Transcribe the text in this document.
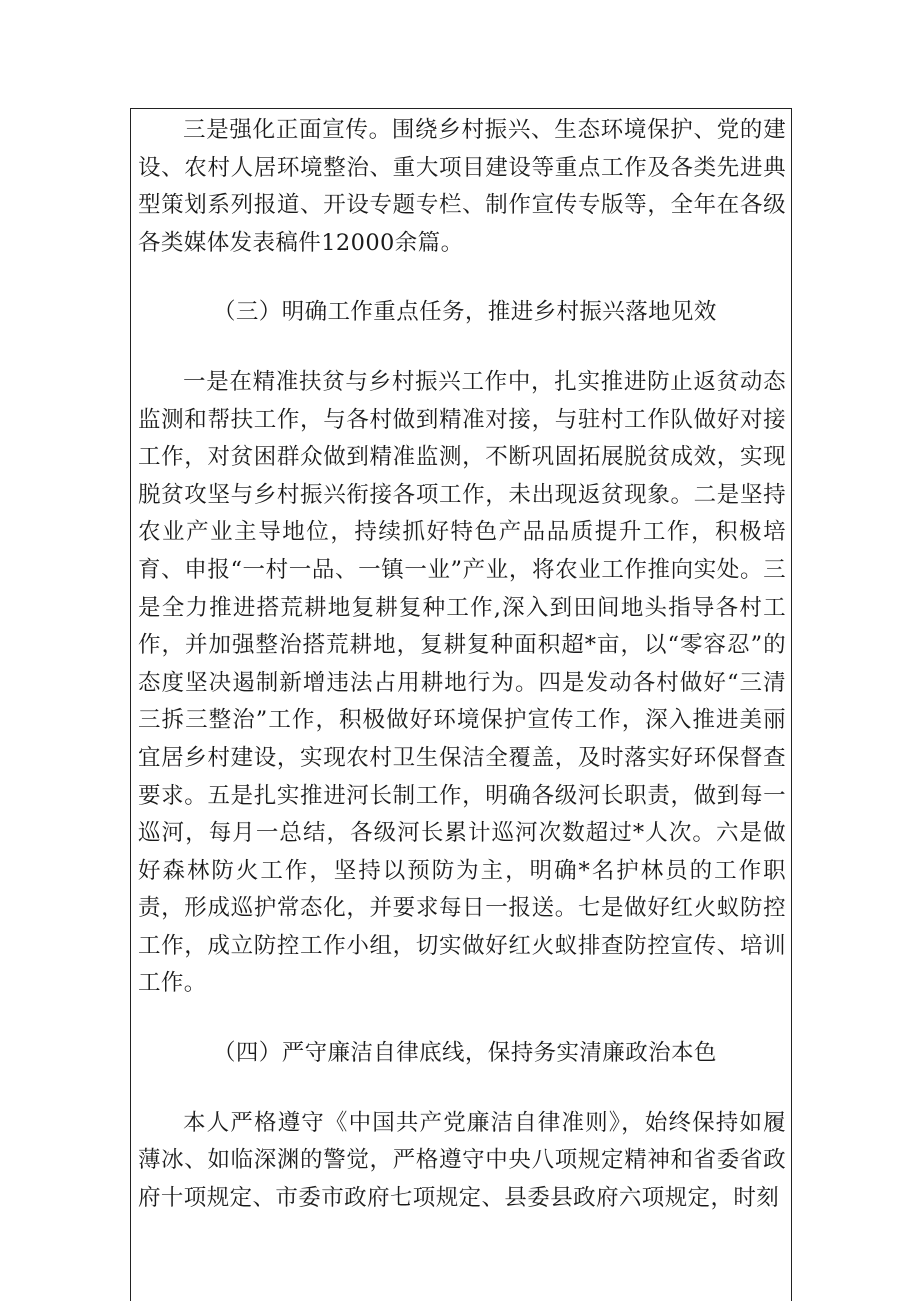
三是强化正面宣传。围绕乡村振兴、生态环境保护、党的建设、农村人居环境整治、重大项目建设等重点工作及各类先进典型策划系列报道、开设专题专栏、制作宣传专版等，全年在各级各类媒体发表稿件12000余篇。

（三）明确工作重点任务，推进乡村振兴落地见效

一是在精准扶贫与乡村振兴工作中，扎实推进防止返贫动态监测和帮扶工作，与各村做到精准对接，与驻村工作队做好对接工作，对贫困群众做到精准监测，不断巩固拓展脱贫成效，实现脱贫攻坚与乡村振兴衔接各项工作，未出现返贫现象。二是坚持农业产业主导地位，持续抓好特色产品品质提升工作，积极培育、申报“一村一品、一镇一业”产业，将农业工作推向实处。三是全力推进搭荒耕地复耕复种工作,深入到田间地头指导各村工作，并加强整治搭荒耕地，复耕复种面积超*亩，以“零容忍”的态度坚决遏制新增违法占用耕地行为。四是发动各村做好“三清三拆三整治”工作，积极做好环境保护宣传工作，深入推进美丽宜居乡村建设，实现农村卫生保洁全覆盖，及时落实好环保督查要求。五是扎实推进河长制工作，明确各级河长职责，做到每一巡河，每月一总结，各级河长累计巡河次数超过*人次。六是做好森林防火工作，坚持以预防为主，明确*名护林员的工作职责，形成巡护常态化，并要求每日一报送。七是做好红火蚁防控工作，成立防控工作小组，切实做好红火蚁排查防控宣传、培训工作。

（四）严守廉洁自律底线，保持务实清廉政治本色

本人严格遵守《中国共产党廉洁自律准则》，始终保持如履薄冰、如临深渊的警觉，严格遵守中央八项规定精神和省委省政府十项规定、市委市政府七项规定、县委县政府六项规定，时刻
